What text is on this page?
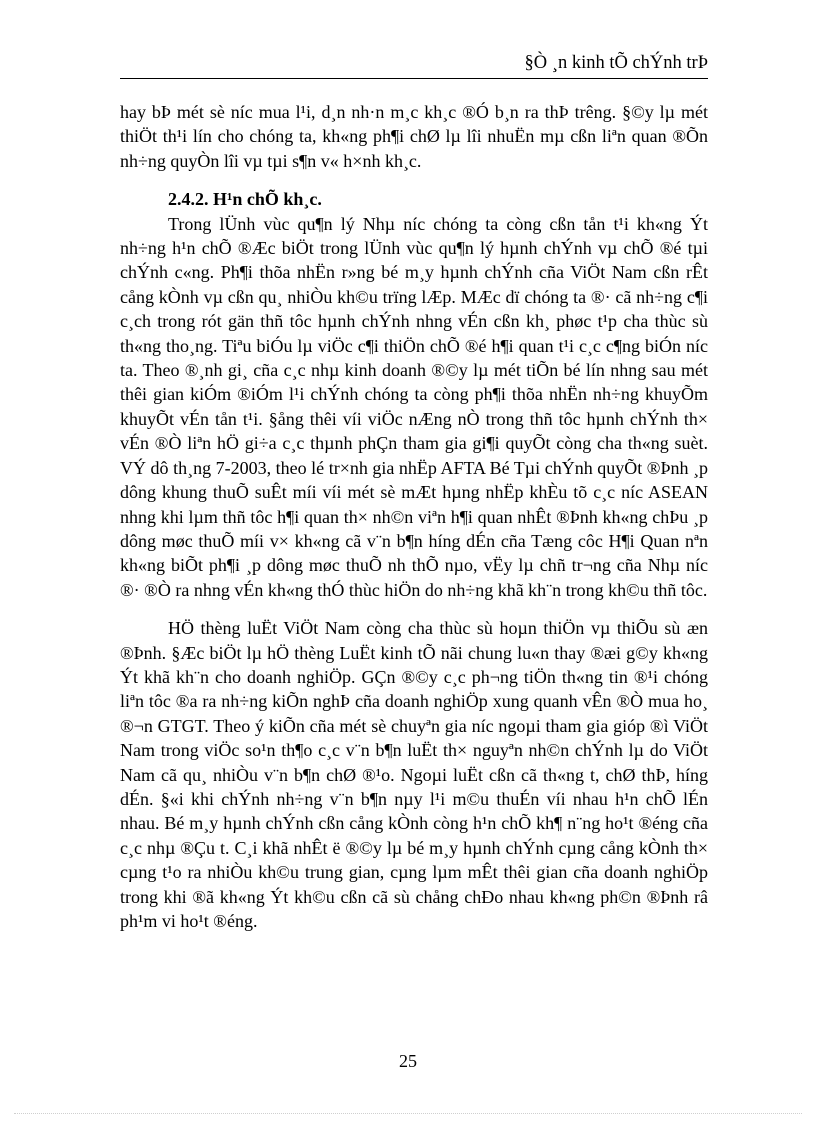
§Ò ¸n kinh tÕ chÝnh trÞ

hay bÞ mét sè níc mua l¹i, d¸n nh·n m¸c kh¸c ®Ó b¸n ra thÞ trêng. §©y lµ mét thiÖt th¹i lín cho chóng ta, kh«ng ph¶i chØ lµ lîi nhuËn mµ cßn liªn quan ®Õn nh÷ng quyÒn lîi vµ tµi s¶n v« h×nh kh¸c.

2.4.2. H¹n chÕ kh¸c.

Trong lÜnh vùc qu¶n lý Nhµ níc chóng ta còng cßn tån t¹i kh«ng Ýt nh÷ng h¹n chÕ ®Æc biÖt trong lÜnh vùc qu¶n lý hµnh chÝnh vµ chÕ ®é tµi chÝnh c«ng. Ph¶i thõa nhËn r»ng bé m¸y hµnh chÝnh cña ViÖt Nam cßn rÊt cång kÒnh vµ cßn qu¸ nhiÒu kh©u trïng lÆp. MÆc dï chóng ta ®· cã nh÷ng c¶i c¸ch trong rót gän thñ tôc hµnh chÝnh nhng vÉn cßn kh¸ phøc t¹p cha thùc sù th«ng tho¸ng. Tiªu biÓu lµ viÖc c¶i thiÖn chÕ ®é h¶i quan t¹i c¸c c¶ng biÓn níc ta. Theo ®¸nh gi¸ cña c¸c nhµ kinh doanh ®©y lµ mét tiÕn bé lín nhng sau mét thêi gian kiÓm ®iÓm l¹i chÝnh chóng ta còng ph¶i thõa nhËn nh÷ng khuyÕm khuyÕt vÉn tån t¹i. §ång thêi víi viÖc nÆng nÒ trong thñ tôc hµnh chÝnh th× vÉn ®Ò liªn hÖ gi÷a c¸c thµnh phÇn tham gia gi¶i quyÕt còng cha th«ng suèt. VÝ dô th¸ng 7-2003, theo lé tr×nh gia nhËp AFTA Bé Tµi chÝnh quyÕt ®Þnh ¸p dông khung thuÕ suÊt míi víi mét sè mÆt hµng nhËp khÈu tõ c¸c níc ASEAN nhng khi lµm thñ tôc h¶i quan th× nh©n viªn h¶i quan nhÊt ®Þnh kh«ng chÞu ¸p dông møc thuÕ míi v× kh«ng cã v¨n b¶n híng dÉn cña Tæng côc H¶i Quan nªn kh«ng biÕt ph¶i ¸p dông møc thuÕ nh thÕ nµo, vËy lµ chñ tr¬ng cña Nhµ níc ®· ®Ò ra nhng vÉn kh«ng thÓ thùc hiÖn do nh÷ng khã kh¨n trong kh©u thñ tôc.

HÖ thèng luËt ViÖt Nam còng cha thùc sù hoµn thiÖn vµ thiÕu sù æn ®Þnh. §Æc biÖt lµ hÖ thèng LuËt kinh tÕ nãi chung lu«n thay ®æi g©y kh«ng Ýt khã kh¨n cho doanh nghiÖp. GÇn ®©y c¸c ph¬ng tiÖn th«ng tin ®¹i chóng liªn tôc ®a ra nh÷ng kiÕn nghÞ cña doanh nghiÖp xung quanh vÊn ®Ò mua ho¸ ®¬n GTGT. Theo ý kiÕn cña mét sè chuyªn gia níc ngoµi tham gia gióp ®ì ViÖt Nam trong viÖc so¹n th¶o c¸c v¨n b¶n luËt th× nguyªn nh©n chÝnh lµ do ViÖt Nam cã qu¸ nhiÒu v¨n b¶n chØ ®¹o. Ngoµi luËt cßn cã th«ng t, chØ thÞ, híng dÉn. §«i khi chÝnh nh÷ng v¨n b¶n nµy l¹i m©u thuÉn víi nhau h¹n chÕ lÉn nhau. Bé m¸y hµnh chÝnh cßn cång kÒnh còng h¹n chÕ kh¶ n¨ng ho¹t ®éng cña c¸c nhµ ®Çu t. C¸i khã nhÊt ë ®©y lµ bé m¸y hµnh chÝnh cµng cång kÒnh th× cµng t¹o ra nhiÒu kh©u trung gian, cµng lµm mÊt thêi gian cña doanh nghiÖp trong khi ®ã kh«ng Ýt kh©u cßn cã sù chång chÐo nhau kh«ng ph©n ®Þnh râ ph¹m vi ho¹t ®éng.

25
